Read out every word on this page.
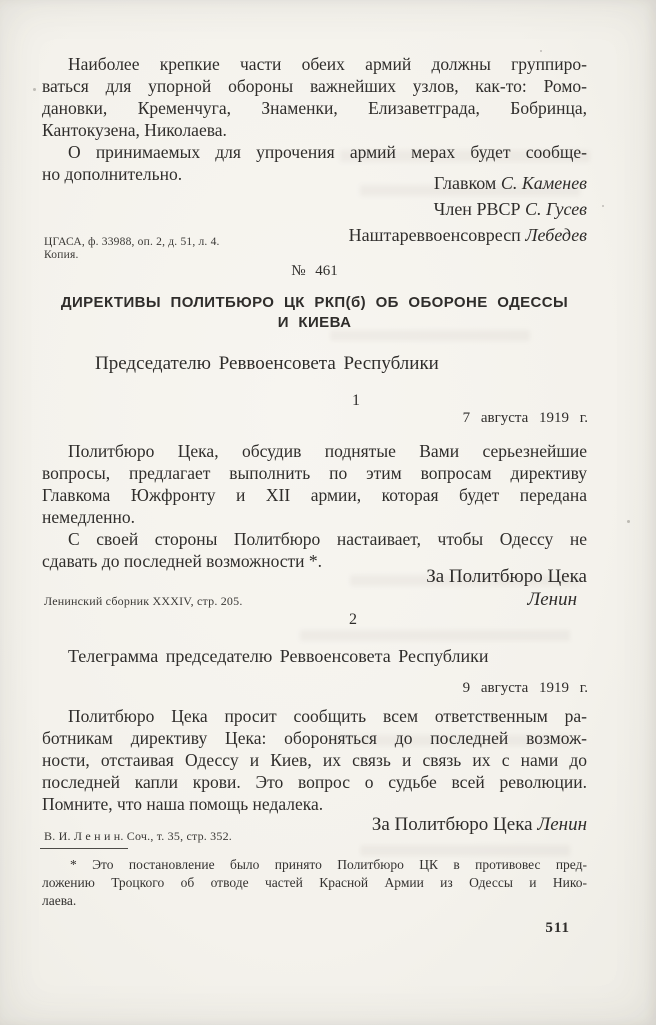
Наиболее крепкие части обеих армий должны группиро-
ваться для упорной обороны важнейших узлов, как-то: Ромо-
дановки, Кременчуга, Знаменки, Елизаветграда, Бобринца,
Кантокузена, Николаева.
О принимаемых для упрочения армий мерах будет сообще-
но дополнительно.	Главком С. Каменев
Член РВСР С. Гусев
Наштареввоенсовресп Лебедев
ЦГАСА, ф. 33988, оп. 2, д. 51, л. 4.
Копия.
№ 461
ДИРЕКТИВЫ ПОЛИТБЮРО ЦК РКП(б) ОБ ОБОРОНЕ ОДЕССЫ
И КИЕВА
Председателю Реввоенсовета Республики
1
7 августа 1919 г.
Политбюро Цека, обсудив поднятые Вами серьезнейшие
вопросы, предлагает выполнить по этим вопросам директиву
Главкома Южфронту и XII армии, которая будет передана
немедленно.
С своей стороны Политбюро настаивает, чтобы Одессу не
сдавать до последней возможности *.
За Политбюро Цека
Ленин
Ленинский сборник XXXIV, стр. 205.
2
Телеграмма председателю Реввоенсовета Республики
9 августа 1919 г.
Политбюро Цека просит сообщить всем ответственным ра-
ботникам директиву Цека: обороняться до последней возмож-
ности, отстаивая Одессу и Киев, их связь и связь их с нами до
последней капли крови. Это вопрос о судьбе всей революции.
Помните, что наша помощь недалека.
За Политбюро Цека Ленин
В. И. Л е н и н. Соч., т. 35, стр. 352.
* Это постановление было принято Политбюро ЦК в противовес пред-
ложению Троцкого об отводе частей Красной Армии из Одессы и Нико-
лаева.
511
